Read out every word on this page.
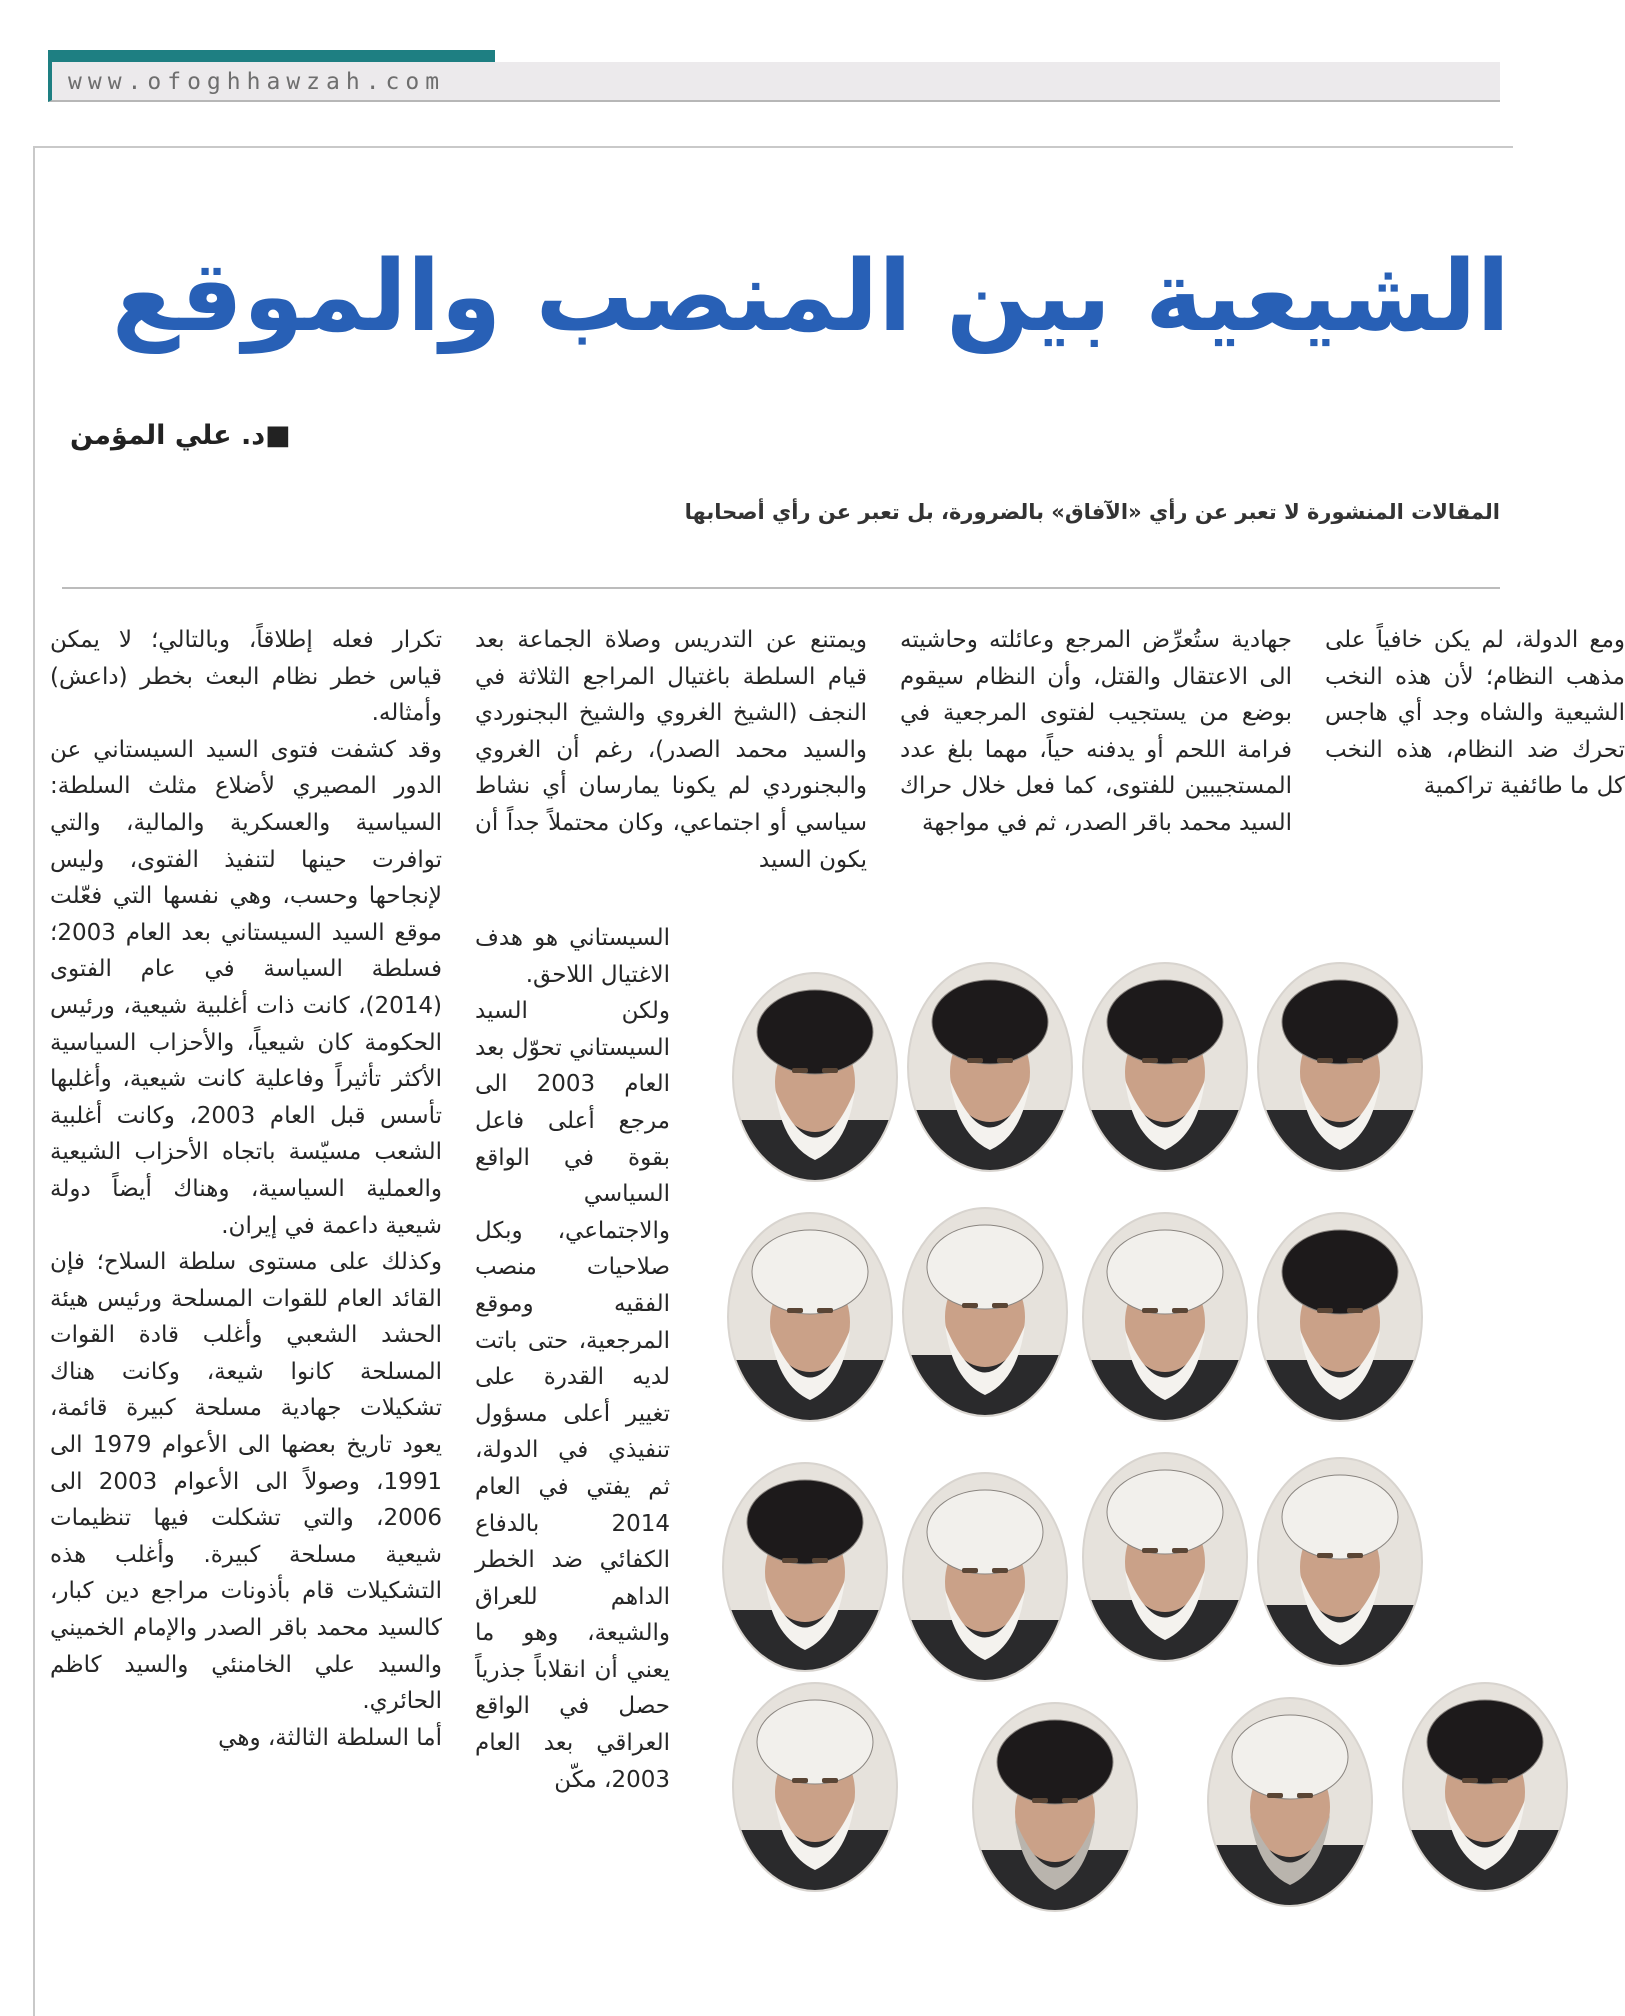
www.ofoghhawzah.com
الشيعية بين المنصب والموقع
■د. علي المؤمن
المقالات المنشورة لا تعبر عن رأي «الآفاق» بالضرورة، بل تعبر عن رأي أصحابها

ومع الدولة، لم يكن خافياً على مذهب النظام؛ لأن هذه النخب الشيعية والشاه وجد أي هاجس تحرك ضد النظام، هذه النخب كل ما طائفية تراكمية

جهادية ستُعرِّض المرجع وعائلته وحاشيته الى الاعتقال والقتل، وأن النظام سيقوم بوضع من يستجيب لفتوى المرجعية في فرامة اللحم أو يدفنه حياً، مهما بلغ عدد المستجيبين للفتوى، كما فعل خلال حراك السيد محمد باقر الصدر، ثم في مواجهة

ويمتنع عن التدريس وصلاة الجماعة بعد قيام السلطة باغتيال المراجع الثلاثة في النجف (الشيخ الغروي والشيخ البجنوردي والسيد محمد الصدر)، رغم أن الغروي والبجنوردي لم يكونا يمارسان أي نشاط سياسي أو اجتماعي، وكان محتملاً جداً أن يكون السيد

السيستاني هو هدف الاغتيال اللاحق.

ولكن السيد السيستاني تحوّل بعد العام 2003 الى مرجع أعلى فاعل بقوة في الواقع السياسي والاجتماعي، وبكل صلاحيات منصب الفقيه وموقع المرجعية، حتى باتت لديه القدرة على تغيير أعلى مسؤول تنفيذي في الدولة، ثم يفتي في العام 2014 بالدفاع الكفائي ضد الخطر الداهم للعراق والشيعة، وهو ما يعني أن انقلاباً جذرياً حصل في الواقع العراقي بعد العام 2003، مكّن

تكرار فعله إطلاقاً، وبالتالي؛ لا يمكن قياس خطر نظام البعث بخطر (داعش) وأمثاله.

وقد كشفت فتوى السيد السيستاني عن الدور المصيري لأضلاع مثلث السلطة: السياسية والعسكرية والمالية، والتي توافرت حينها لتنفيذ الفتوى، وليس لإنجاحها وحسب، وهي نفسها التي فعّلت موقع السيد السيستاني بعد العام 2003؛ فسلطة السياسة في عام الفتوى (2014)، كانت ذات أغلبية شيعية، ورئيس الحكومة كان شيعياً، والأحزاب السياسية الأكثر تأثيراً وفاعلية كانت شيعية، وأغلبها تأسس قبل العام 2003، وكانت أغلبية الشعب مسيّسة باتجاه الأحزاب الشيعية والعملية السياسية، وهناك أيضاً دولة شيعية داعمة في إيران.

وكذلك على مستوى سلطة السلاح؛ فإن القائد العام للقوات المسلحة ورئيس هيئة الحشد الشعبي وأغلب قادة القوات المسلحة كانوا شيعة، وكانت هناك تشكيلات جهادية مسلحة كبيرة قائمة، يعود تاريخ بعضها الى الأعوام 1979 الى 1991، وصولاً الى الأعوام 2003 الى 2006، والتي تشكلت فيها تنظيمات شيعية مسلحة كبيرة. وأغلب هذه التشكيلات قام بأذونات مراجع دين كبار، كالسيد محمد باقر الصدر والإمام الخميني والسيد علي الخامنئي والسيد كاظم الحائري.

أما السلطة الثالثة، وهي
